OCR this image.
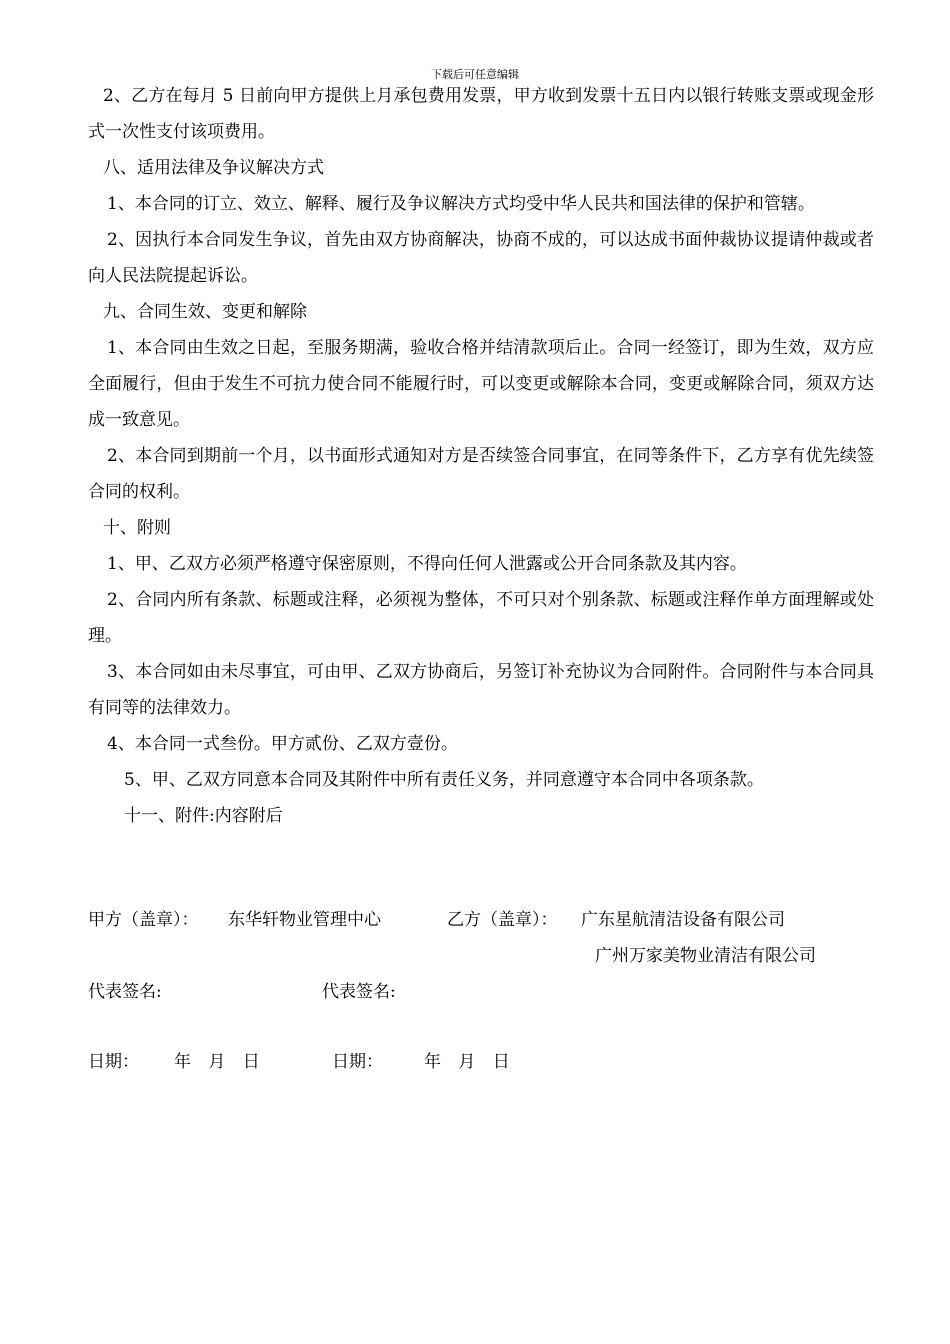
下载后可任意编辑

2、乙方在每月 5 日前向甲方提供上月承包费用发票，甲方收到发票十五日内以银行转账支票或现金形式一次性支付该项费用。

八、适用法律及争议解决方式

1、本合同的订立、效立、解释、履行及争议解决方式均受中华人民共和国法律的保护和管辖。

2、因执行本合同发生争议，首先由双方协商解决，协商不成的，可以达成书面仲裁协议提请仲裁或者向人民法院提起诉讼。

九、合同生效、变更和解除

1、本合同由生效之日起，至服务期满，验收合格并结清款项后止。合同一经签订，即为生效，双方应全面履行，但由于发生不可抗力使合同不能履行时，可以变更或解除本合同，变更或解除合同，须双方达成一致意见。

2、本合同到期前一个月，以书面形式通知对方是否续签合同事宜，在同等条件下，乙方享有优先续签合同的权利。

十、附则

1、甲、乙双方必须严格遵守保密原则，不得向任何人泄露或公开合同条款及其内容。

2、合同内所有条款、标题或注释，必须视为整体，不可只对个别条款、标题或注释作单方面理解或处理。

3、本合同如由未尽事宜，可由甲、乙双方协商后，另签订补充协议为合同附件。合同附件与本合同具有同等的法律效力。

4、本合同一式叁份。甲方贰份、乙双方壹份。

5、甲、乙双方同意本合同及其附件中所有责任义务，并同意遵守本合同中各项条款。

十一、附件:内容附后

甲方（盖章）： 东华轩物业管理中心	乙方（盖章）： 广东星航清洁设备有限公司
广州万家美物业清洁有限公司
代表签名:	代表签名:
日期： 年 月 日	日期： 年 月 日
